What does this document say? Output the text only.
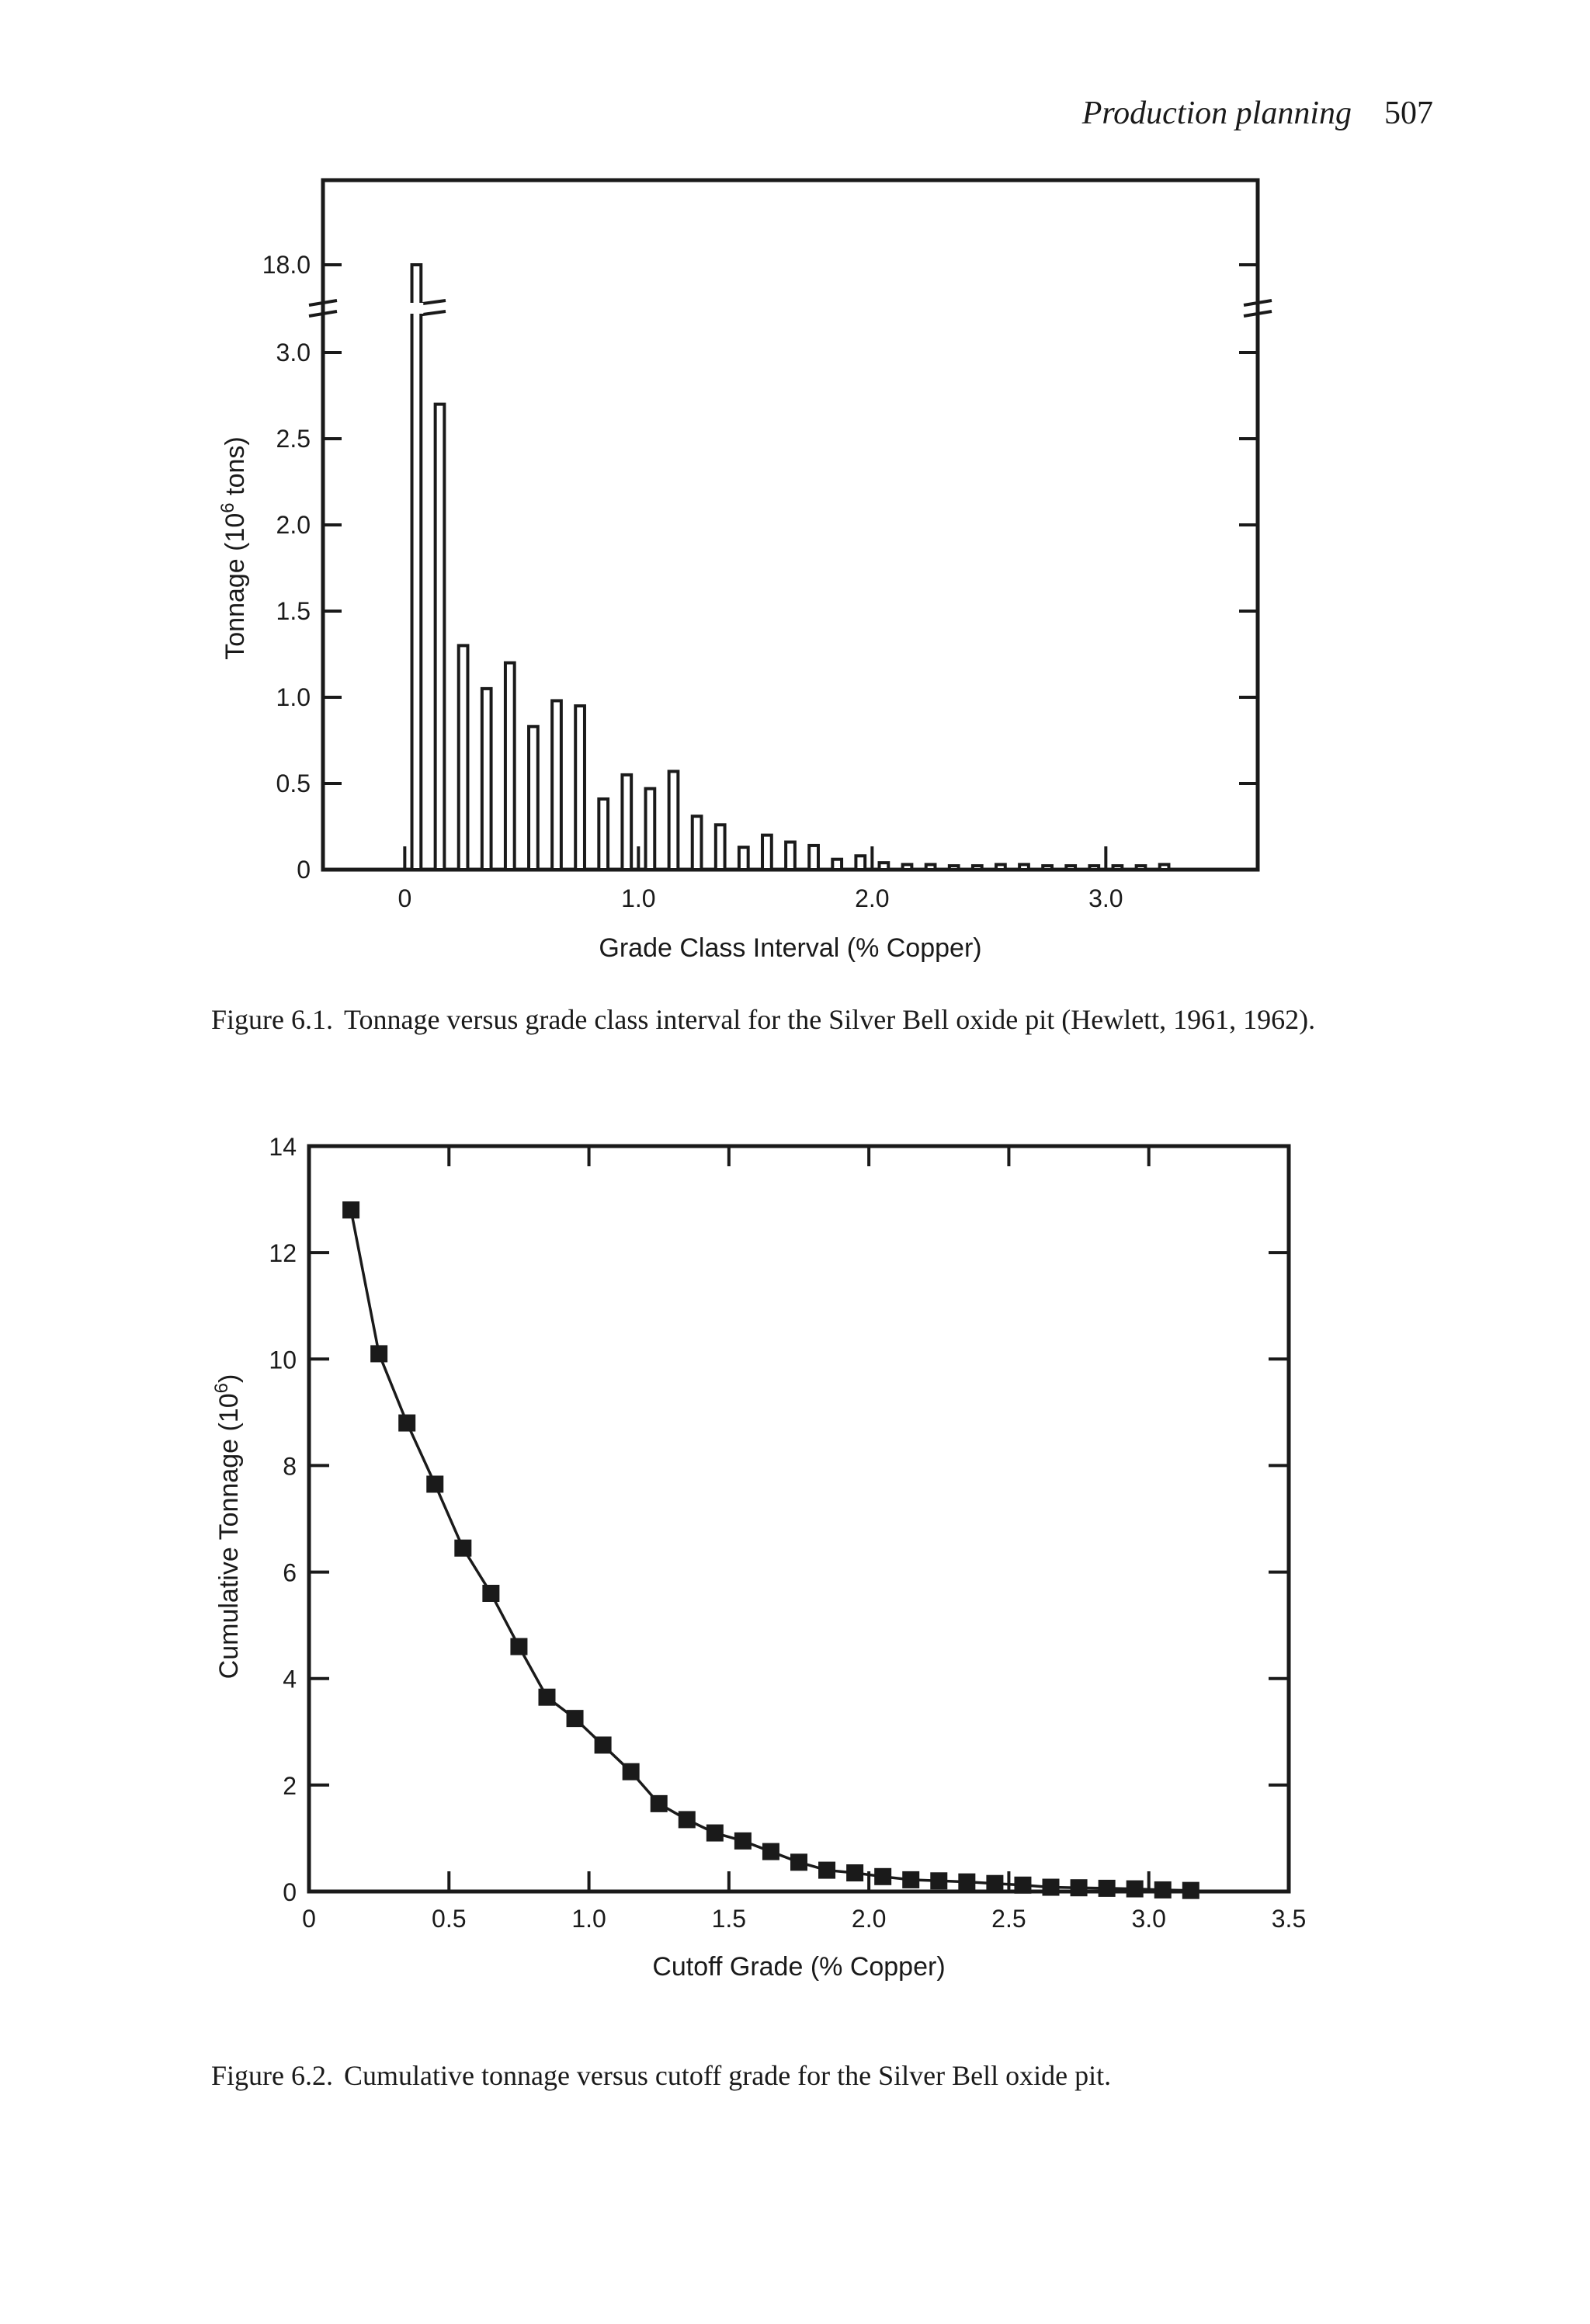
Production planning 507
0
0.5
1.0
1.5
2.0
2.5
3.0
18.0
0	1.0	2.0	3.0
Grade Class Interval (% Copper)
Tonnage ($10^6$ tons)
Figure 6.1. Tonnage versus grade class interval for the Silver Bell oxide pit (Hewlett, 1961, 1962).
0
2
4
6
8
10
12
14
0	0.5	1.0	1.5	2.0	2.5	3.0	3.5
Cutoff Grade (% Copper)
Cumulative Tonnage $(10^6)$
Figure 6.2. Cumulative tonnage versus cutoff grade for the Silver Bell oxide pit.
